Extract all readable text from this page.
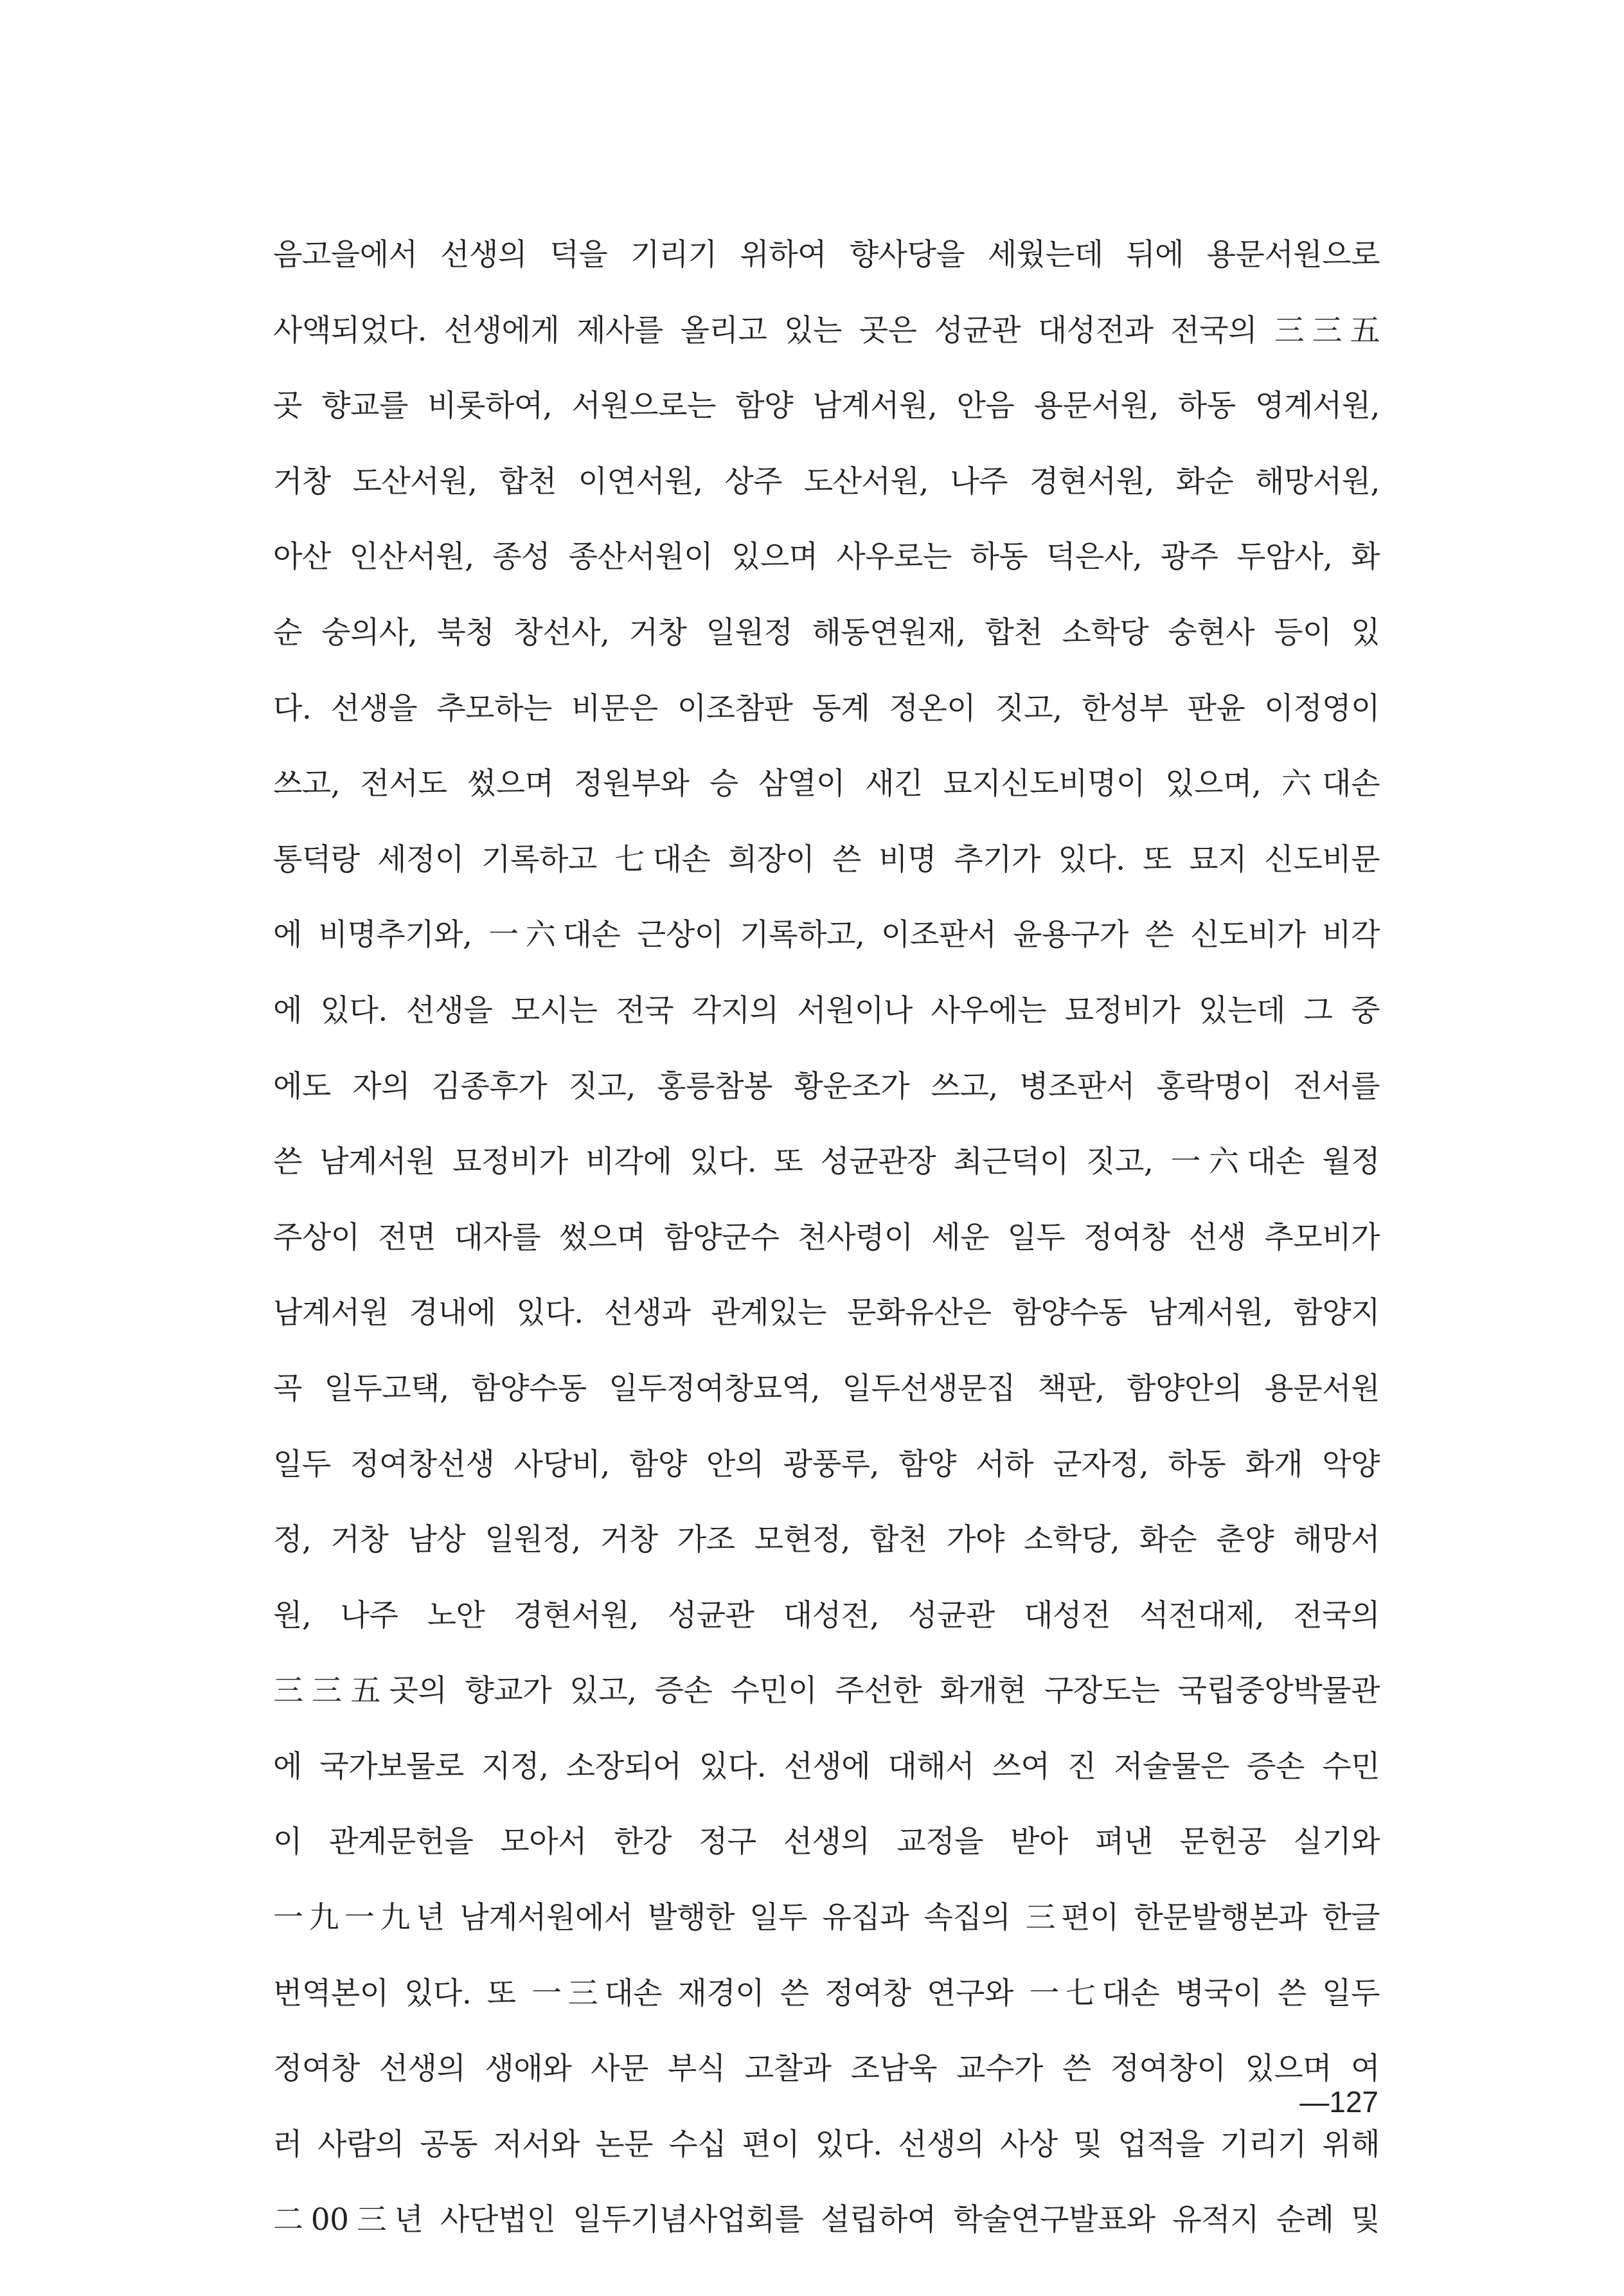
음고을에서 선생의 덕을 기리기 위하여 향사당을 세웠는데 뒤에 용문서원으로
사액되었다. 선생에게 제사를 올리고 있는 곳은 성균관 대성전과 전국의 三三五
곳 향교를 비롯하여, 서원으로는 함양 남계서원, 안음 용문서원, 하동 영계서원,
거창 도산서원, 합천 이연서원, 상주 도산서원, 나주 경현서원, 화순 해망서원,
아산 인산서원, 종성 종산서원이 있으며 사우로는 하동 덕은사, 광주 두암사, 화
순 숭의사, 북청 창선사, 거창 일원정 해동연원재, 합천 소학당 숭현사 등이 있
다. 선생을 추모하는 비문은 이조참판 동계 정온이 짓고, 한성부 판윤 이정영이
쓰고, 전서도 썼으며 정원부와 승 삼열이 새긴 묘지신도비명이 있으며, 六대손
통덕랑 세정이 기록하고 七대손 희장이 쓴 비명 추기가 있다. 또 묘지 신도비문
에 비명추기와, 一六대손 근상이 기록하고, 이조판서 윤용구가 쓴 신도비가 비각
에 있다. 선생을 모시는 전국 각지의 서원이나 사우에는 묘정비가 있는데 그 중
에도 자의 김종후가 짓고, 홍릉참봉 황운조가 쓰고, 병조판서 홍락명이 전서를
쓴 남계서원 묘정비가 비각에 있다. 또 성균관장 최근덕이 짓고, 一六대손 월정
주상이 전면 대자를 썼으며 함양군수 천사령이 세운 일두 정여창 선생 추모비가
남계서원 경내에 있다. 선생과 관계있는 문화유산은 함양수동 남계서원, 함양지
곡 일두고택, 함양수동 일두정여창묘역, 일두선생문집 책판, 함양안의 용문서원
일두 정여창선생 사당비, 함양 안의 광풍루, 함양 서하 군자정, 하동 화개 악양
정, 거창 남상 일원정, 거창 가조 모현정, 합천 가야 소학당, 화순 춘양 해망서
원, 나주 노안 경현서원, 성균관 대성전, 성균관 대성전 석전대제, 전국의
三三五곳의 향교가 있고, 증손 수민이 주선한 화개현 구장도는 국립중앙박물관
에 국가보물로 지정, 소장되어 있다. 선생에 대해서 쓰여 진 저술물은 증손 수민
이 관계문헌을 모아서 한강 정구 선생의 교정을 받아 펴낸 문헌공 실기와
一九一九년 남계서원에서 발행한 일두 유집과 속집의 三편이 한문발행본과 한글
번역본이 있다. 또 一三대손 재경이 쓴 정여창 연구와 一七대손 병국이 쓴 일두
정여창 선생의 생애와 사문 부식 고찰과 조남욱 교수가 쓴 정여창이 있으며 여
러 사람의 공동 저서와 논문 수십 편이 있다. 선생의 사상 및 업적을 기리기 위해
二00三년 사단법인 일두기념사업회를 설립하여 학술연구발표와 유적지 순례 및
—127
